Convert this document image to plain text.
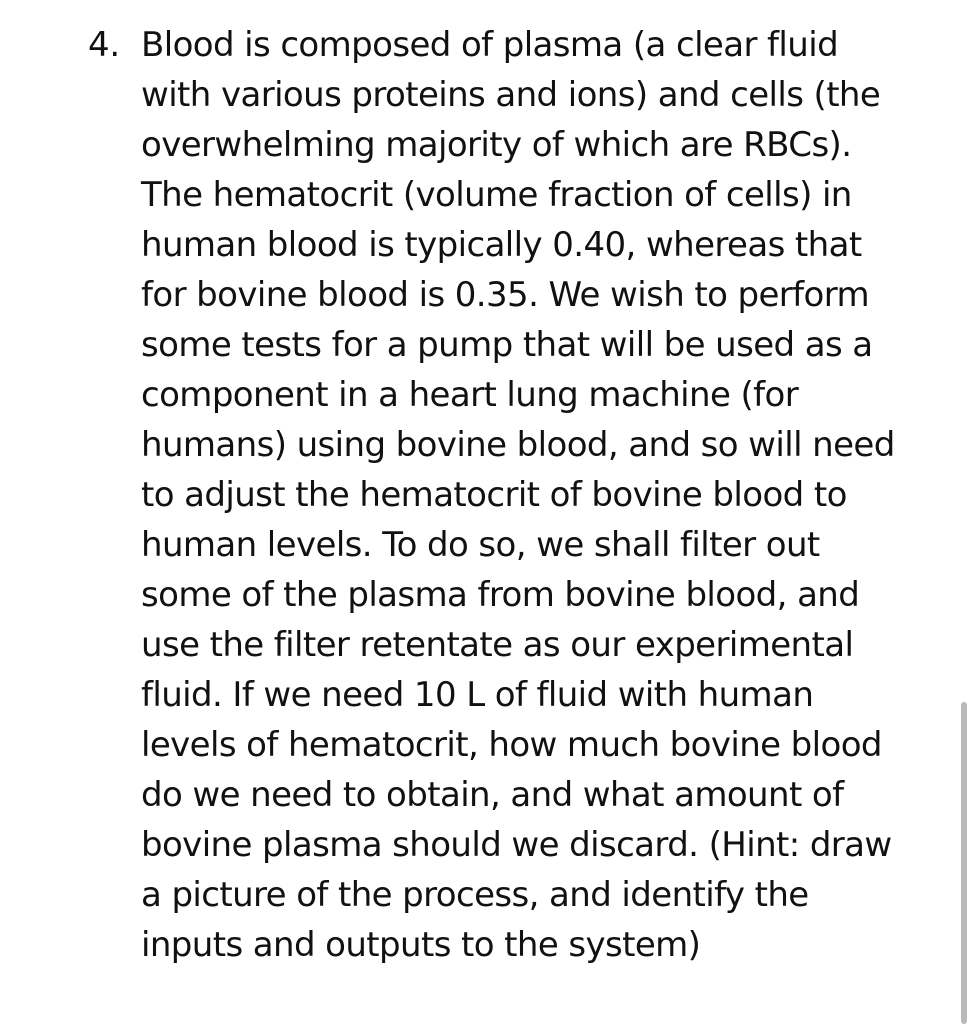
4. Blood is composed of plasma (a clear fluid
with various proteins and ions) and cells (the
overwhelming majority of which are RBCs).
The hematocrit (volume fraction of cells) in
human blood is typically 0.40, whereas that
for bovine blood is 0.35. We wish to perform
some tests for a pump that will be used as a
component in a heart lung machine (for
humans) using bovine blood, and so will need
to adjust the hematocrit of bovine blood to
human levels. To do so, we shall filter out
some of the plasma from bovine blood, and
use the filter retentate as our experimental
fluid. If we need 10 L of fluid with human
levels of hematocrit, how much bovine blood
do we need to obtain, and what amount of
bovine plasma should we discard. (Hint: draw
a picture of the process, and identify the
inputs and outputs to the system)
